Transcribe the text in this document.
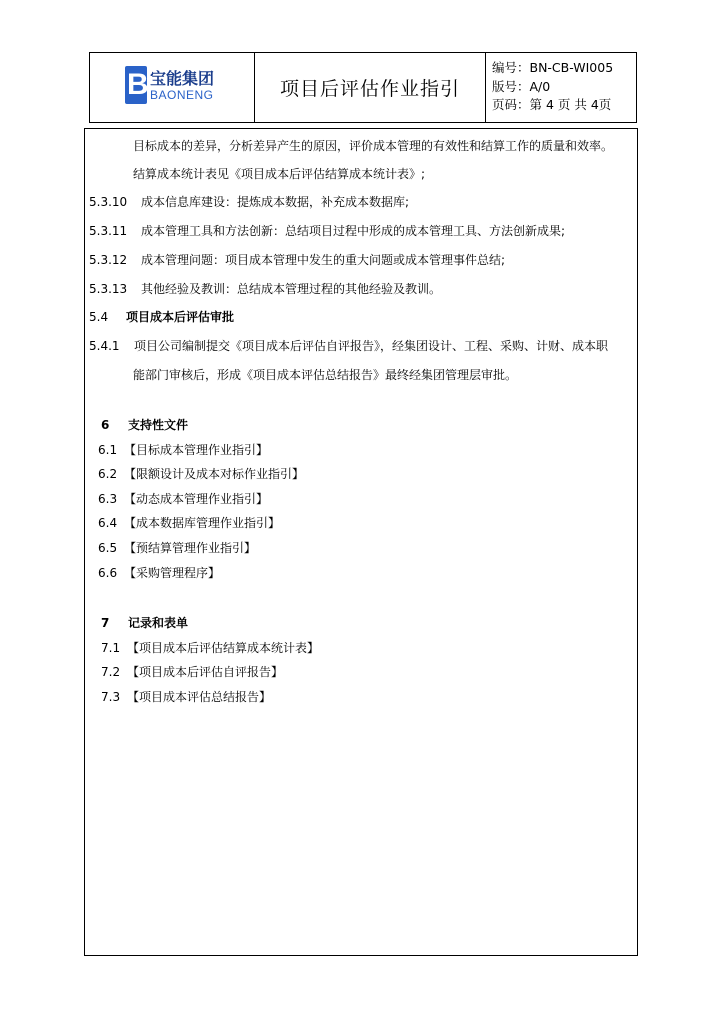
B 宝能集团
BAONENG	项目后评估作业指引
编号：BN-CB-WI005
版号：A/0
页码：第 4 页 共 4页
目标成本的差异，分析差异产生的原因，评价成本管理的有效性和结算工作的质量和效率。
结算成本统计表见《项目成本后评估结算成本统计表》;
5.3.10 成本信息库建设：提炼成本数据，补充成本数据库;
5.3.11 成本管理工具和方法创新：总结项目过程中形成的成本管理工具、方法创新成果;
5.3.12 成本管理问题：项目成本管理中发生的重大问题或成本管理事件总结;
5.3.13 其他经验及教训：总结成本管理过程的其他经验及教训。
5.4 项目成本后评估审批
5.4.1 项目公司编制提交《项目成本后评估自评报告》，经集团设计、工程、采购、计财、成本职
能部门审核后，形成《项目成本评估总结报告》最终经集团管理层审批。
6 支持性文件
6.1 【目标成本管理作业指引】
6.2 【限额设计及成本对标作业指引】
6.3 【动态成本管理作业指引】
6.4 【成本数据库管理作业指引】
6.5 【预结算管理作业指引】
6.6 【采购管理程序】
7 记录和表单
7.1 【项目成本后评估结算成本统计表】
7.2 【项目成本后评估自评报告】
7.3 【项目成本评估总结报告】
